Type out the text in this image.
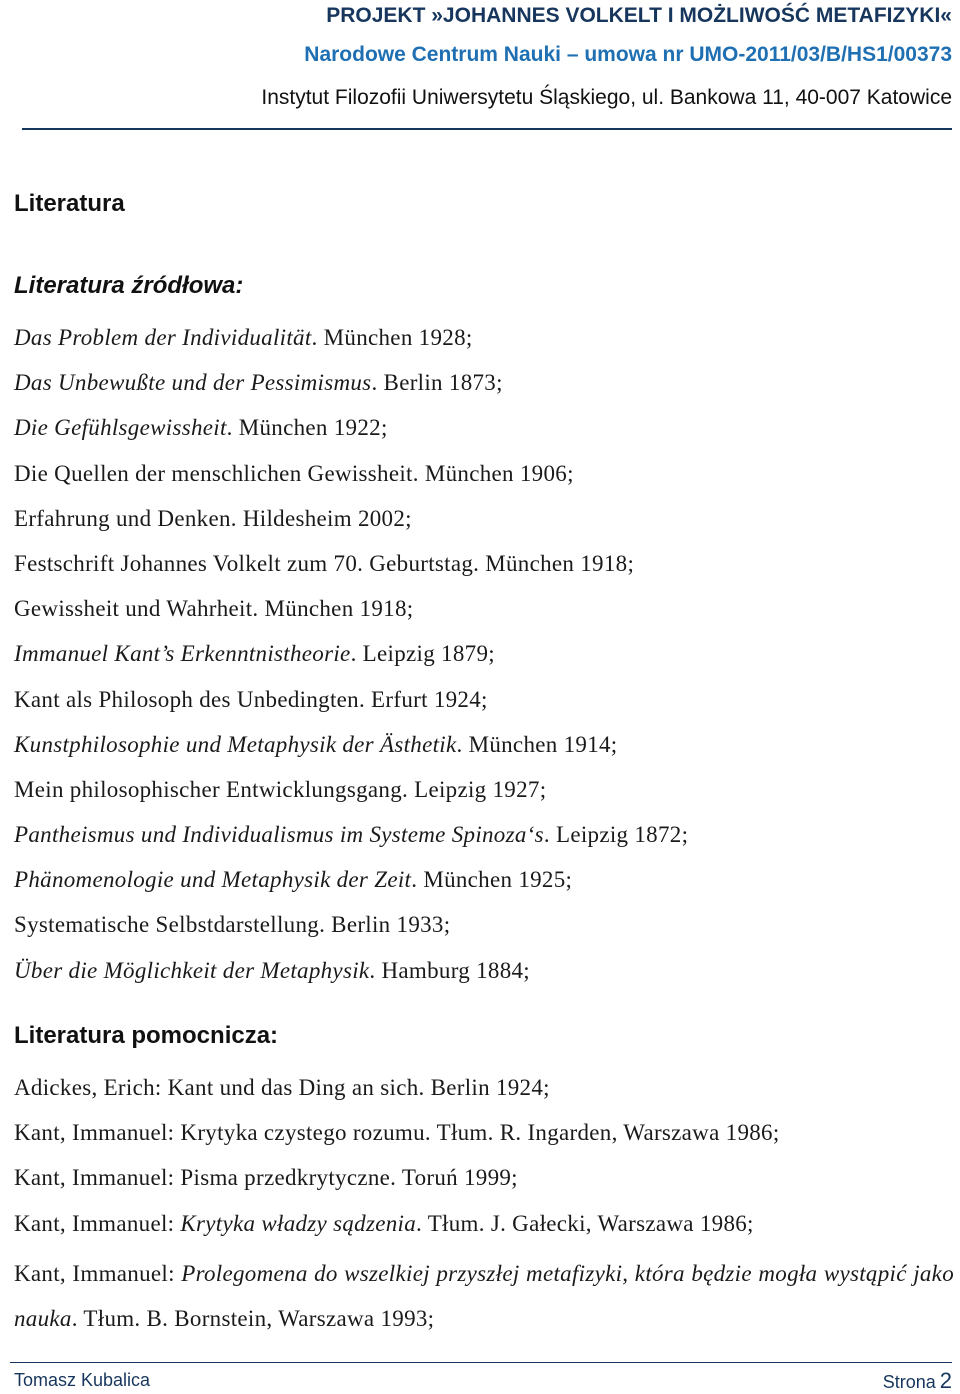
PROJEKT »JOHANNES VOLKELT I MOŻLIWOŚĆ METAFIZYKI«
Narodowe Centrum Nauki – umowa nr UMO-2011/03/B/HS1/00373
Instytut Filozofii Uniwersytetu Śląskiego, ul. Bankowa 11, 40-007 Katowice
Literatura
Literatura źródłowa:
Das Problem der Individualität. München 1928;
Das Unbewußte und der Pessimismus. Berlin 1873;
Die Gefühlsgewissheit. München 1922;
Die Quellen der menschlichen Gewissheit. München 1906;
Erfahrung und Denken. Hildesheim 2002;
Festschrift Johannes Volkelt zum 70. Geburtstag. München 1918;
Gewissheit und Wahrheit. München 1918;
Immanuel Kant’s Erkenntnistheorie. Leipzig 1879;
Kant als Philosoph des Unbedingten. Erfurt 1924;
Kunstphilosophie und Metaphysik der Ästhetik. München 1914;
Mein philosophischer Entwicklungsgang. Leipzig 1927;
Pantheismus und Individualismus im Systeme Spinoza‘s. Leipzig 1872;
Phänomenologie und Metaphysik der Zeit. München 1925;
Systematische Selbstdarstellung. Berlin 1933;
Über die Möglichkeit der Metaphysik. Hamburg 1884;
Literatura pomocnicza:
Adickes, Erich: Kant und das Ding an sich. Berlin 1924;
Kant, Immanuel: Krytyka czystego rozumu. Tłum. R. Ingarden, Warszawa 1986;
Kant, Immanuel: Pisma przedkrytyczne. Toruń 1999;
Kant, Immanuel: Krytyka władzy sądzenia. Tłum. J. Gałecki, Warszawa 1986;
Kant, Immanuel: Prolegomena do wszelkiej przyszłej metafizyki, która będzie mogła wystąpić jako nauka. Tłum. B. Bornstein, Warszawa 1993;
Tomasz Kubalica	Strona 2
